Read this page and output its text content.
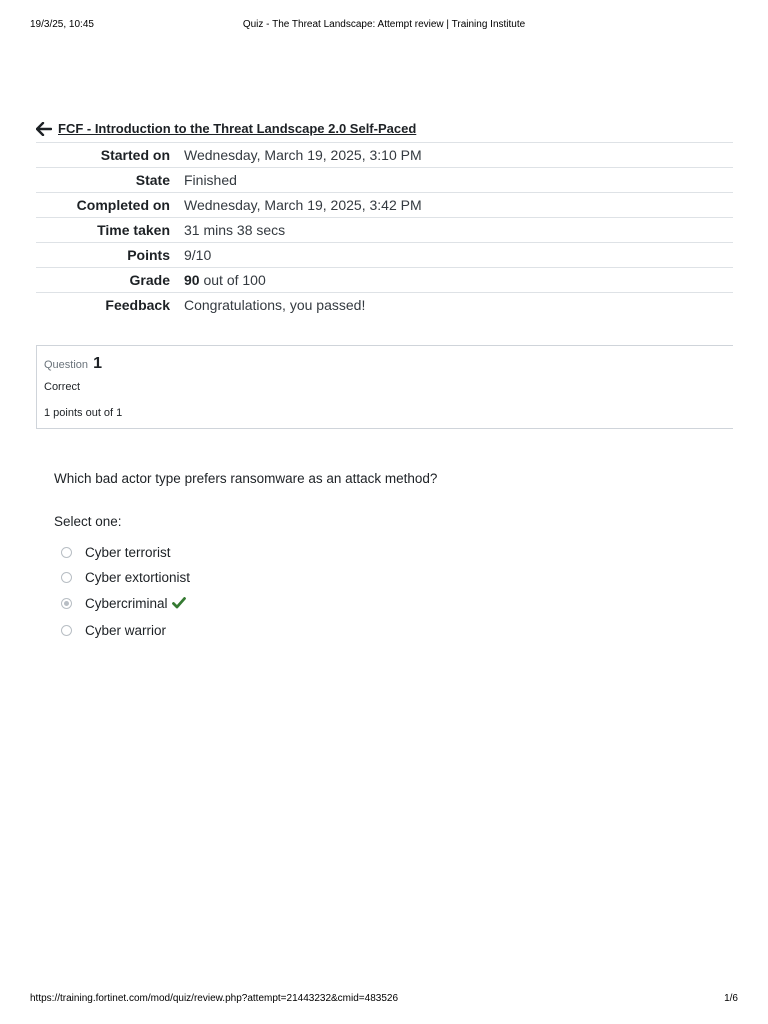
19/3/25, 10:45	Quiz - The Threat Landscape: Attempt review | Training Institute
FCF - Introduction to the Threat Landscape 2.0 Self-Paced
Started on	Wednesday, March 19, 2025, 3:10 PM
State	Finished
Completed on	Wednesday, March 19, 2025, 3:42 PM
Time taken	31 mins 38 secs
Points	9/10
Grade	90 out of 100
Feedback	Congratulations, you passed!
Question 1
Correct
1 points out of 1
Which bad actor type prefers ransomware as an attack method?
Select one:
Cyber terrorist
Cyber extortionist
Cybercriminal
Cyber warrior
https://training.fortinet.com/mod/quiz/review.php?attempt=21443232&cmid=483526	1/6
